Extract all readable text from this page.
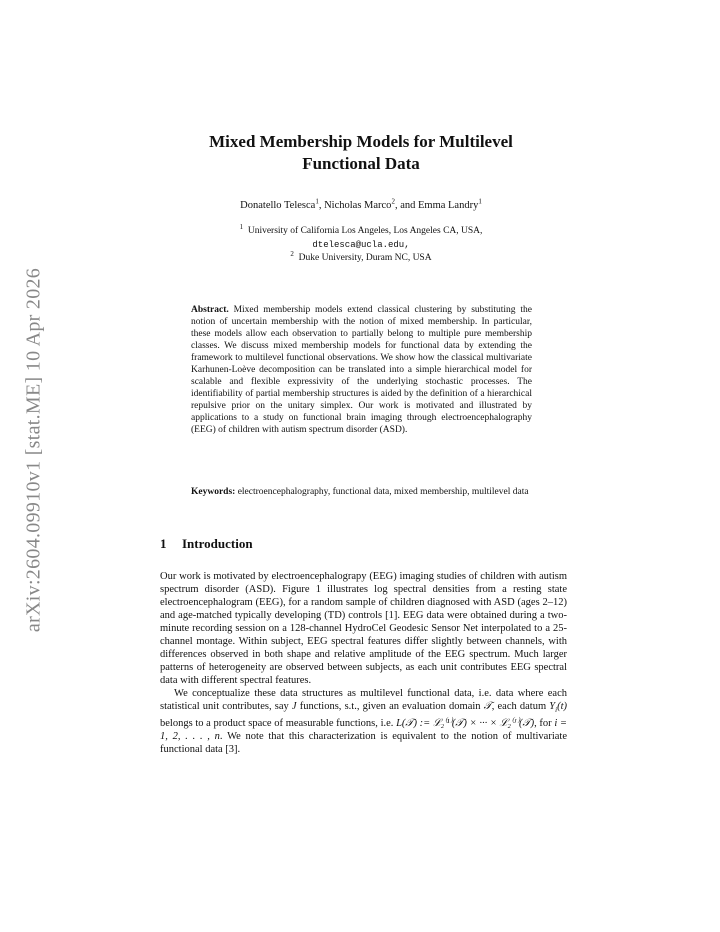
arXiv:2604.09910v1 [stat.ME] 10 Apr 2026
Mixed Membership Models for Multilevel
Functional Data
Donatello Telesca$^1$, Nicholas Marco$^2$, and Emma Landry$^1$
$^1$ University of California Los Angeles, Los Angeles CA, USA,
dtelesca@ucla.edu,
$^2$ Duke University, Duram NC, USA
Abstract. Mixed membership models extend classical clustering by substituting the notion of uncertain membership with the notion of mixed membership. In particular, these models allow each observation to partially belong to multiple pure membership classes. We discuss mixed membership models for functional data by extending the framework to multilevel functional observations. We show how the classical multivariate Karhunen-Loève decomposition can be translated into a simple hierarchical model for scalable and flexible expressivity of the underlying stochastic processes. The identifiability of partial membership structures is aided by the definition of a hierarchical repulsive prior on the unitary simplex. Our work is motivated and illustrated by applications to a study on functional brain imaging through electroencephalography (EEG) of children with autism spectrum disorder (ASD).
Keywords: electroencephalography, functional data, mixed membership, multilevel data
1 Introduction

Our work is motivated by electroencephalograpy (EEG) imaging studies of children with autism spectrum disorder (ASD). Figure 1 illustrates log spectral densities from a resting state electroencephalogram (EEG), for a random sample of children diagnosed with ASD (ages 2–12) and age-matched typically developing (TD) controls [1]. EEG data were obtained during a two-minute recording session on a 128-channel HydroCel Geodesic Sensor Net interpolated to a 25-channel montage. Within subject, EEG spectral features differ slightly between channels, with differences observed in both shape and relative amplitude of the EEG spectrum. Much larger patterns of heterogeneity are observed between subjects, as each unit contributes EEG spectral data with different spectral features.

We conceptualize these data structures as multilevel functional data, i.e. data where each statistical unit contributes, say J functions, s.t., given an evaluation domain 𝒯, each datum $Y_i(t)$ belongs to a product space of measurable functions, i.e. L(𝒯) := ℒ₂⁽¹⁾(𝒯) × ··· × ℒ₂⁽ᴶ⁾(𝒯), for i = 1, 2, . . . , n. We note that this characterization is equivalent to the notion of multivariate functional data [3].
